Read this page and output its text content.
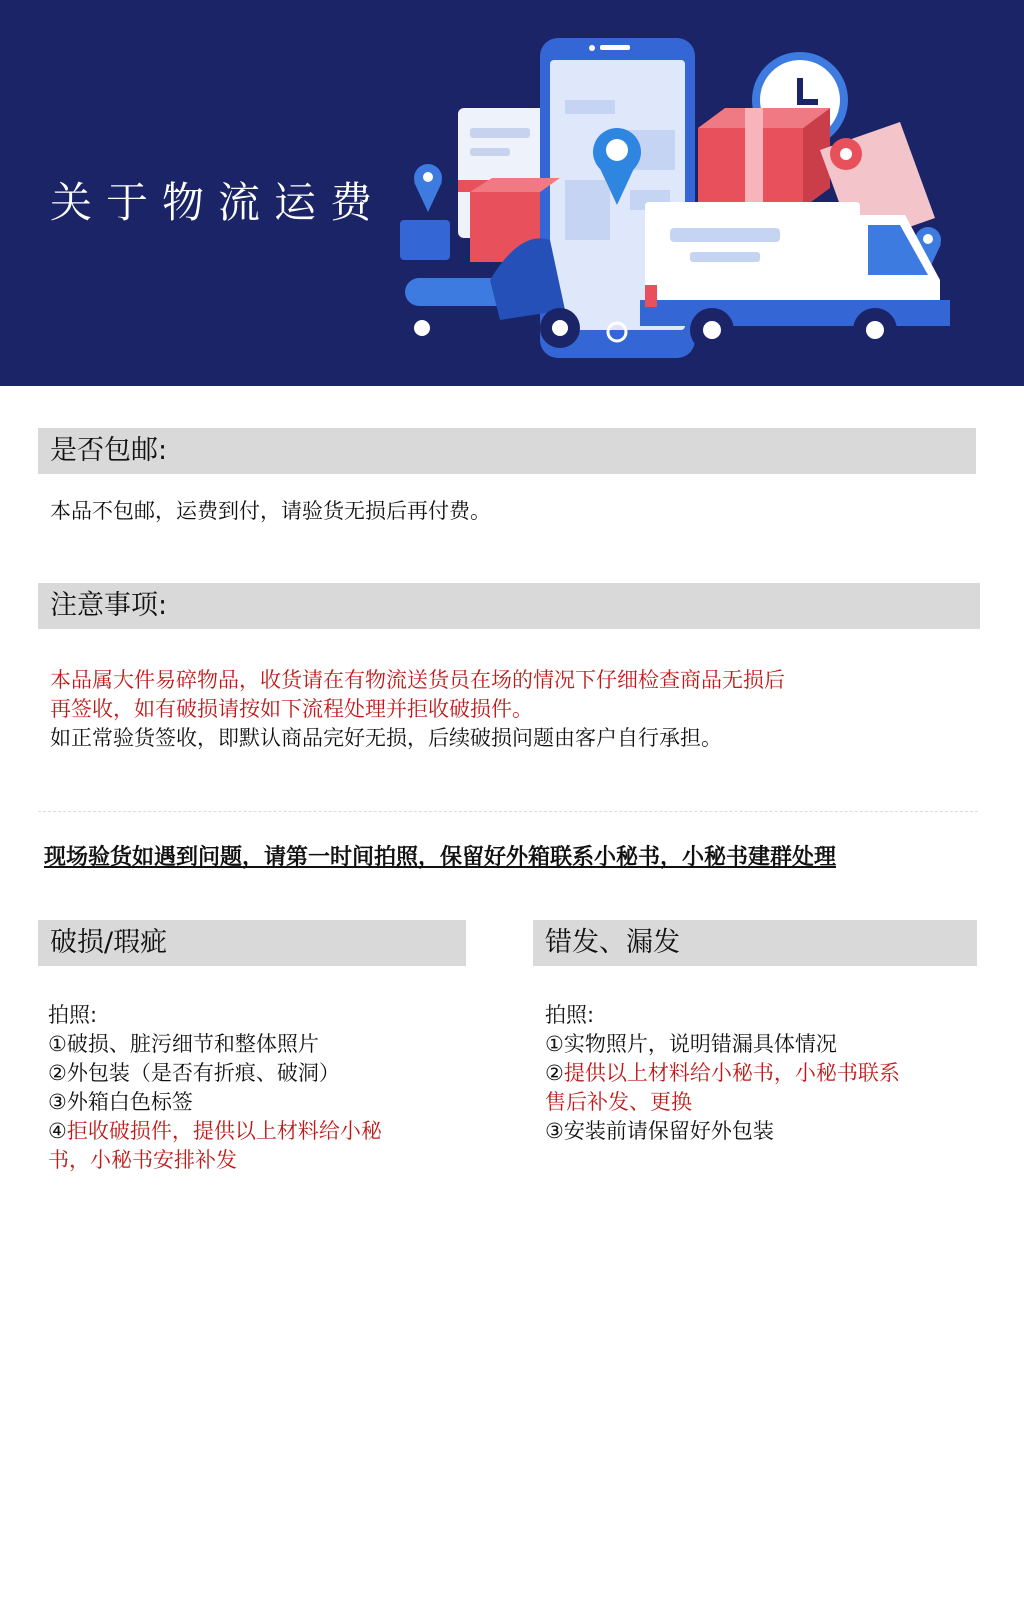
关于物流运费
是否包邮:
本品不包邮，运费到付，请验货无损后再付费。
注意事项:
本品属大件易碎物品，收货请在有物流送货员在场的情况下仔细检查商品无损后
再签收，如有破损请按如下流程处理并拒收破损件。
如正常验货签收，即默认商品完好无损，后续破损问题由客户自行承担。
现场验货如遇到问题，请第一时间拍照，保留好外箱联系小秘书，小秘书建群处理
破损/瑕疵
拍照:
①破损、脏污细节和整体照片
②外包装（是否有折痕、破洞）
③外箱白色标签
④拒收破损件，提供以上材料给小秘
书，小秘书安排补发
错发、漏发
拍照:
①实物照片，说明错漏具体情况
②提供以上材料给小秘书，小秘书联系
售后补发、更换
③安装前请保留好外包装
